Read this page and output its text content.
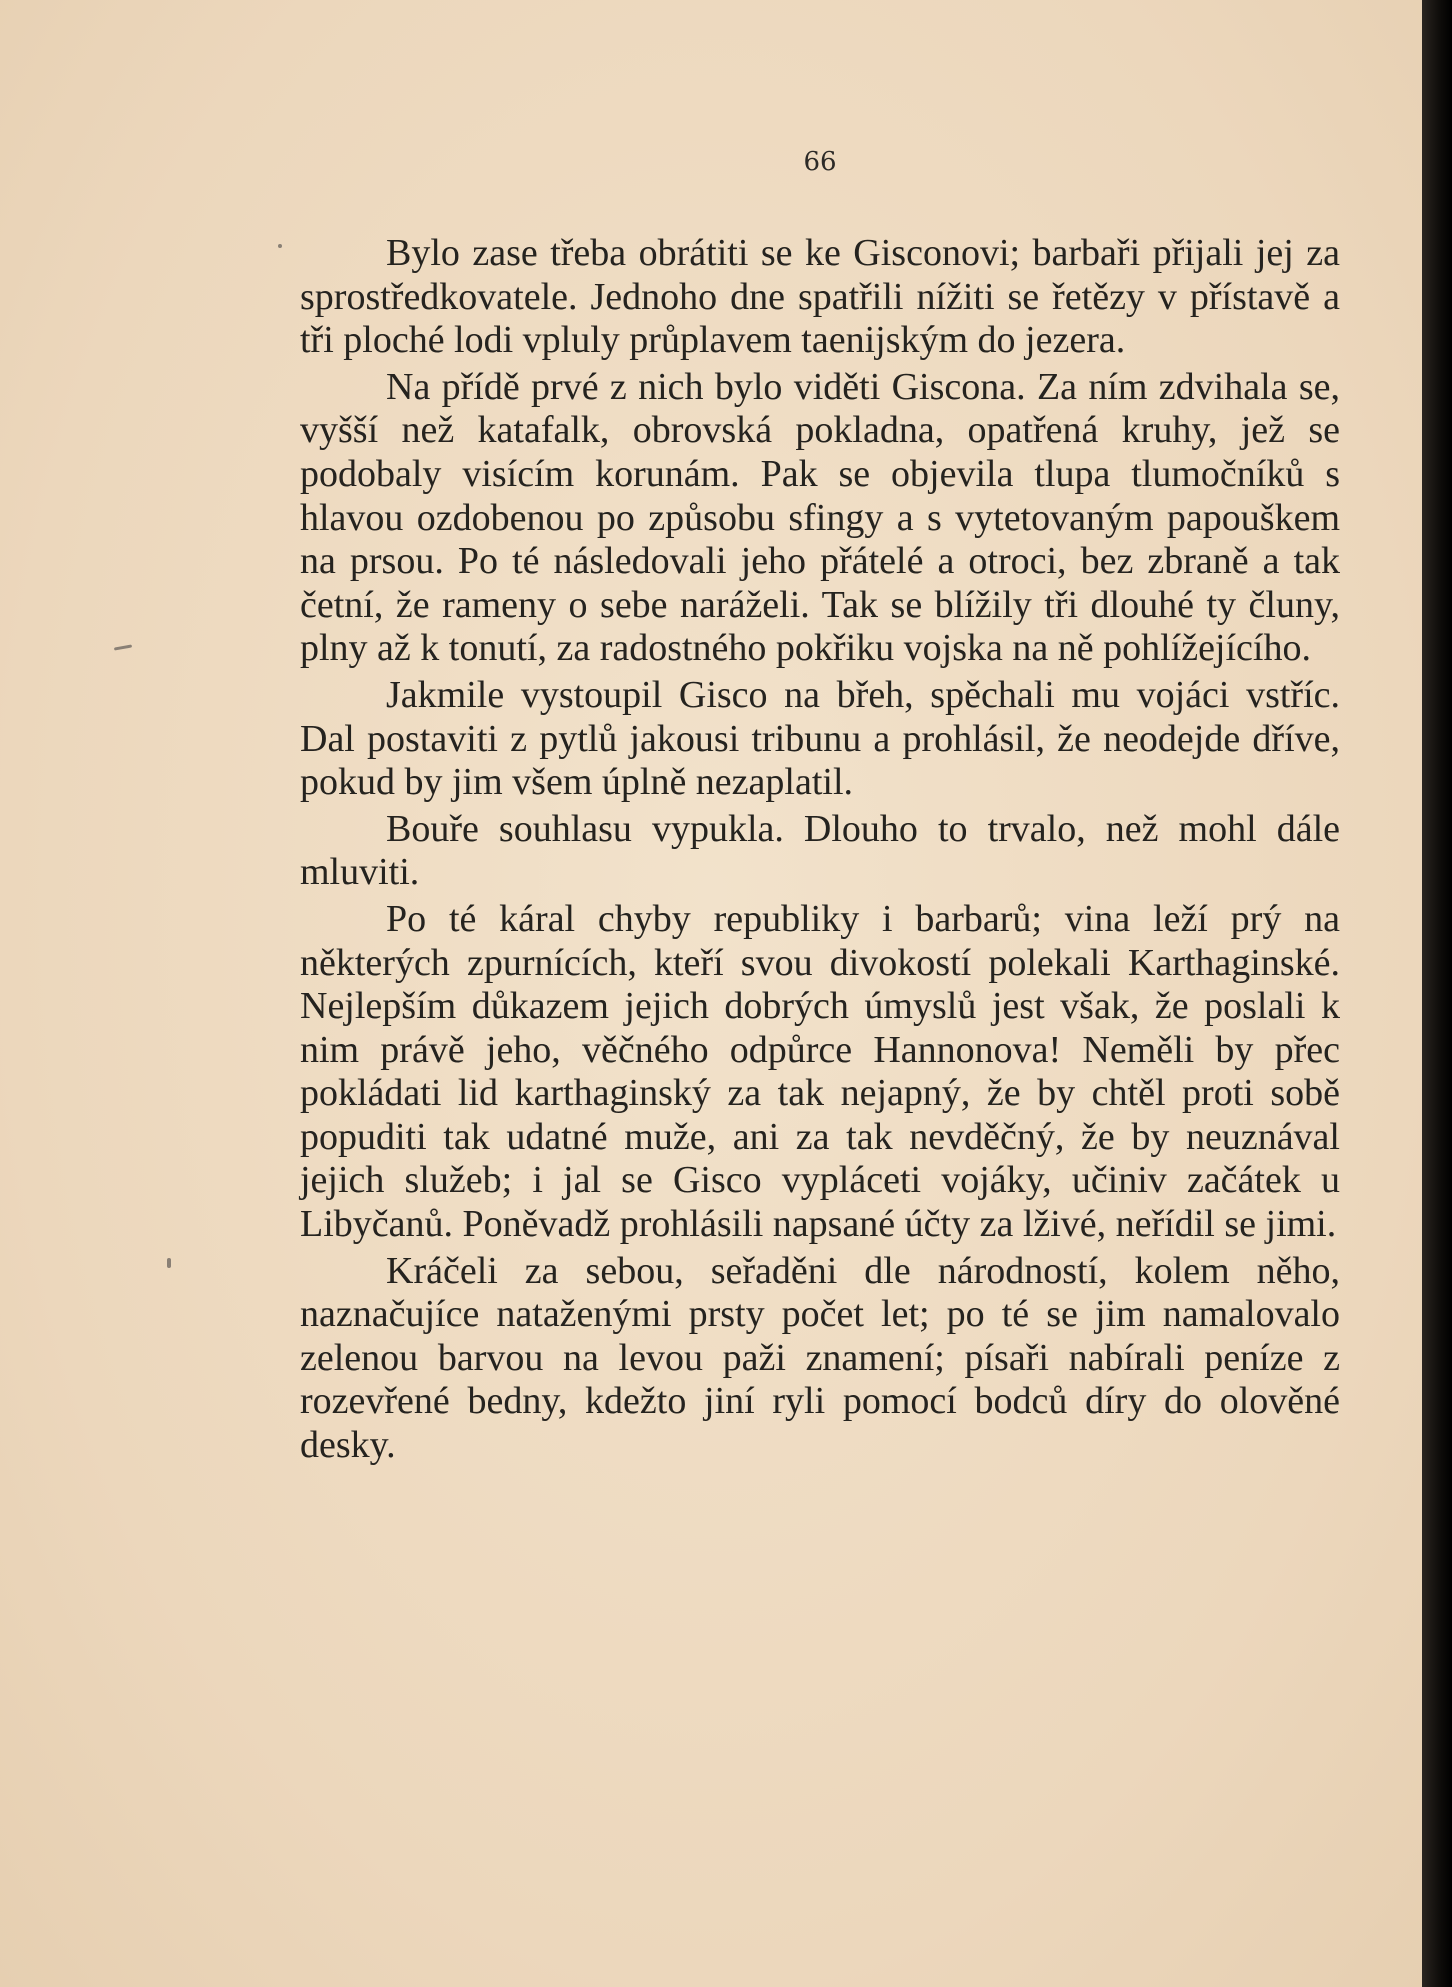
66

Bylo zase třeba obrátiti se ke Gisconovi; barbaři přijali jej za sprostředkovatele. Jednoho dne spatřili nížiti se řetězy v přístavě a tři ploché lodi vpluly průplavem taenijským do jezera.

Na přídě prvé z nich bylo viděti Giscona. Za ním zdvihala se, vyšší než katafalk, obrovská pokladna, opatřená kruhy, jež se podobaly visícím korunám. Pak se objevila tlupa tlumočníků s hlavou ozdobenou po způsobu sfingy a s vytetovaným papouškem na prsou. Po té následovali jeho přátelé a otroci, bez zbraně a tak četní, že rameny o sebe naráželi. Tak se blížily tři dlouhé ty čluny, plny až k tonutí, za radostného pokřiku vojska na ně pohlížejícího.

Jakmile vystoupil Gisco na břeh, spěchali mu vojáci vstříc. Dal postaviti z pytlů jakousi tribunu a prohlásil, že neodejde dříve, pokud by jim všem úplně nezaplatil.

Bouře souhlasu vypukla. Dlouho to trvalo, než mohl dále mluviti.

Po té káral chyby republiky i barbarů; vina leží prý na některých zpurnících, kteří svou divokostí polekali Karthaginské. Nejlepším důkazem jejich dobrých úmyslů jest však, že poslali k nim právě jeho, věčného odpůrce Hannonova! Neměli by přec pokládati lid karthaginský za tak nejapný, že by chtěl proti sobě popuditi tak udatné muže, ani za tak nevděčný, že by neuznával jejich služeb; i jal se Gisco vypláceti vojáky, učiniv začátek u Libyčanů. Poněvadž prohlásili napsané účty za lživé, neřídil se jimi.

Kráčeli za sebou, seřaděni dle národností, kolem něho, naznačujíce nataženými prsty počet let; po té se jim namalovalo zelenou barvou na levou paži znamení; písaři nabírali peníze z rozevřené bedny, kdežto jiní ryli pomocí bodců díry do olověné desky.
